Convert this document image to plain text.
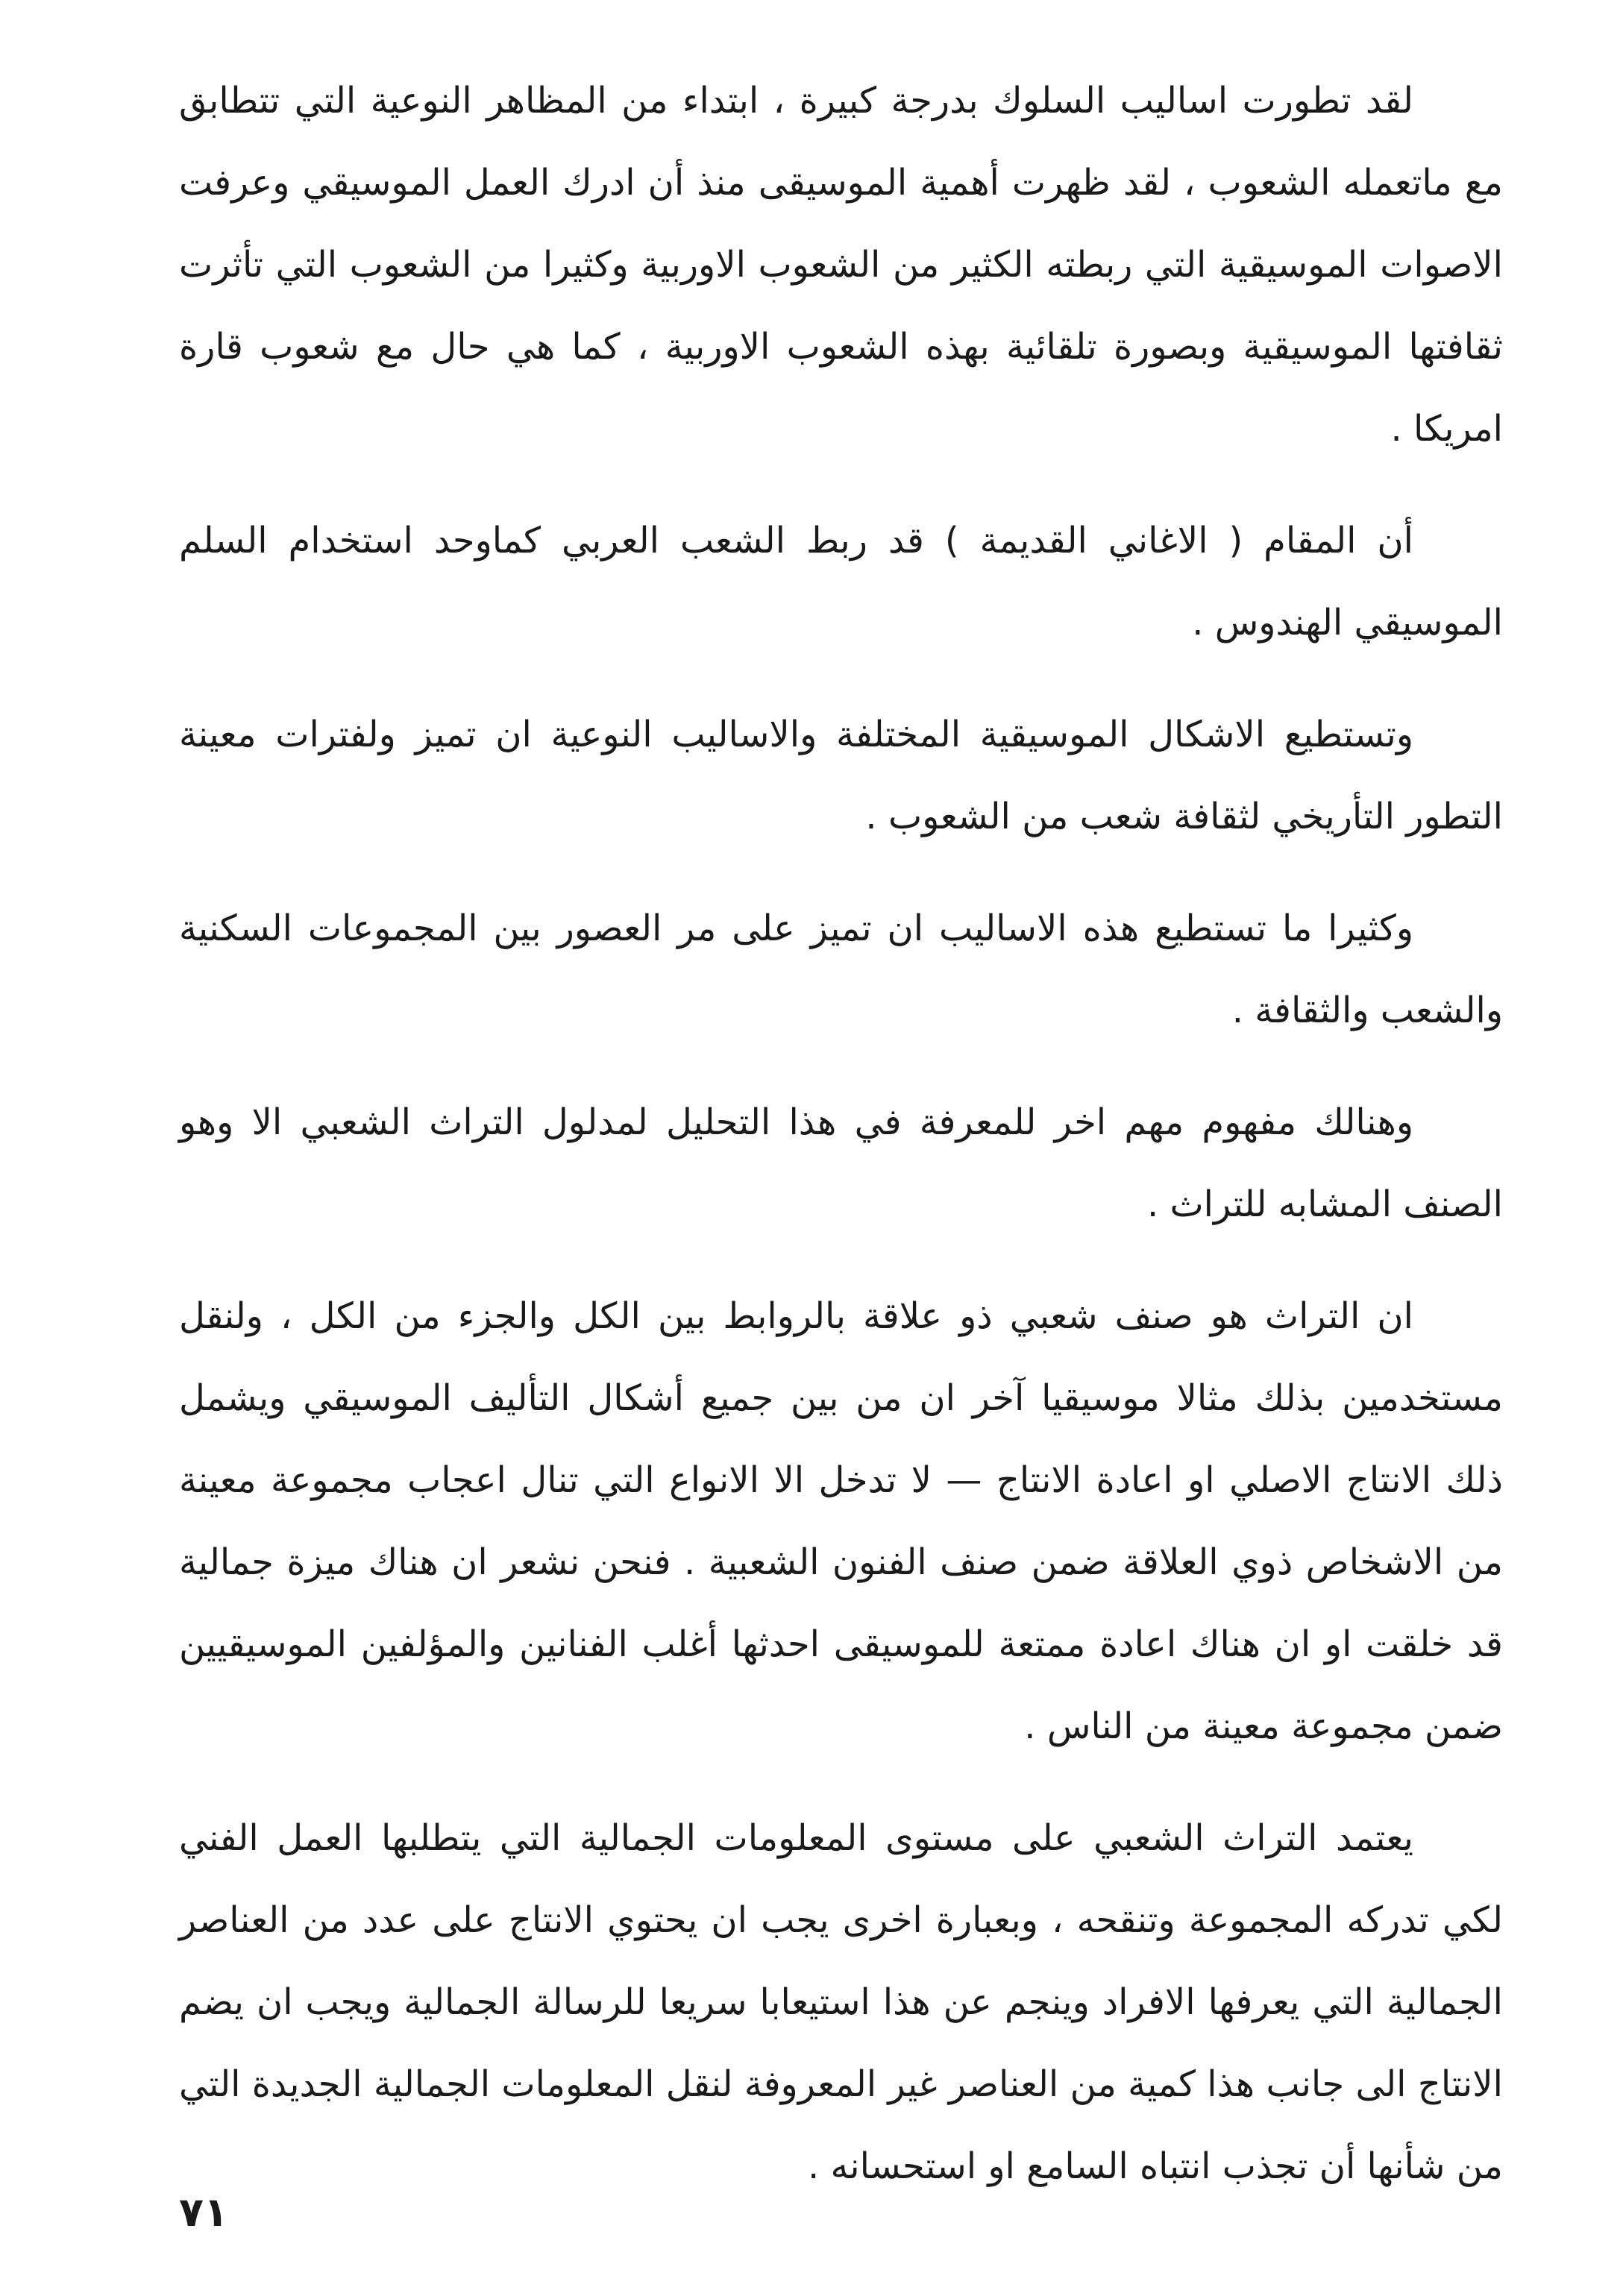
لقد تطورت اساليب السلوك بدرجة كبيرة ، ابتداء من المظاهر النوعية التي تتطابق مع ماتعمله الشعوب ، لقد ظهرت أهمية الموسيقى منذ أن ادرك العمل الموسيقي وعرفت الاصوات الموسيقية التي ربطته الكثير من الشعوب الاوربية وكثيرا من الشعوب التي تأثرت ثقافتها الموسيقية وبصورة تلقائية بهذه الشعوب الاوربية ، كما هي حال مع شعوب قارة امريكا .

أن المقام ( الاغاني القديمة ) قد ربط الشعب العربي كماوحد استخدام السلم الموسيقي الهندوس .

وتستطيع الاشكال الموسيقية المختلفة والاساليب النوعية ان تميز ولفترات معينة التطور التأريخي لثقافة شعب من الشعوب .

وكثيرا ما تستطيع هذه الاساليب ان تميز على مر العصور بين المجموعات السكنية والشعب والثقافة .

وهنالك مفهوم مهم اخر للمعرفة في هذا التحليل لمدلول التراث الشعبي الا وهو الصنف المشابه للتراث .

ان التراث هو صنف شعبي ذو علاقة بالروابط بين الكل والجزء من الكل ، ولنقل مستخدمين بذلك مثالا موسيقيا آخر ان من بين جميع أشكال التأليف الموسيقي ويشمل ذلك الانتاج الاصلي او اعادة الانتاج — لا تدخل الا الانواع التي تنال اعجاب مجموعة معينة من الاشخاص ذوي العلاقة ضمن صنف الفنون الشعبية . فنحن نشعر ان هناك ميزة جمالية قد خلقت او ان هناك اعادة ممتعة للموسيقى احدثها أغلب الفنانين والمؤلفين الموسيقيين ضمن مجموعة معينة من الناس .

يعتمد التراث الشعبي على مستوى المعلومات الجمالية التي يتطلبها العمل الفني لكي تدركه المجموعة وتنقحه ، وبعبارة اخرى يجب ان يحتوي الانتاج على عدد من العناصر الجمالية التي يعرفها الافراد وينجم عن هذا استيعابا سريعا للرسالة الجمالية ويجب ان يضم الانتاج الى جانب هذا كمية من العناصر غير المعروفة لنقل المعلومات الجمالية الجديدة التي من شأنها أن تجذب انتباه السامع او استحسانه .

٧١
